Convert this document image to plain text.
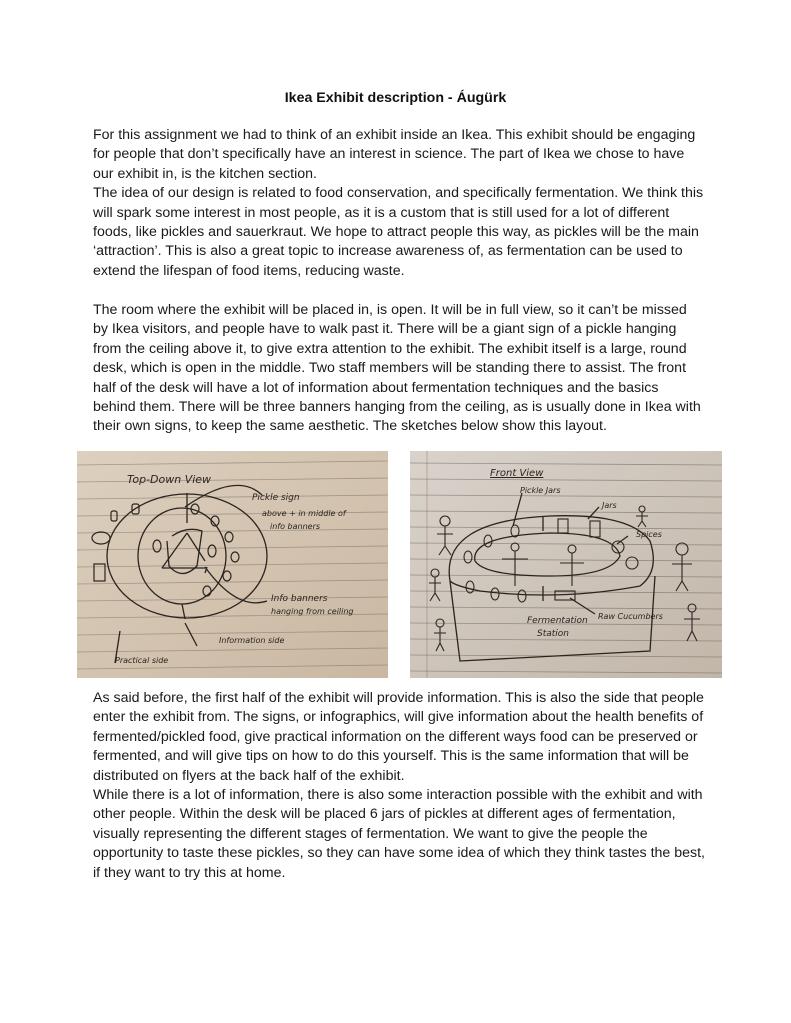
Ikea Exhibit description - Áugürk

For this assignment we had to think of an exhibit inside an Ikea. This exhibit should be engaging for people that don’t specifically have an interest in science. The part of Ikea we chose to have our exhibit in, is the kitchen section.

The idea of our design is related to food conservation, and specifically fermentation. We think this will spark some interest in most people, as it is a custom that is still used for a lot of different foods, like pickles and sauerkraut. We hope to attract people this way, as pickles will be the main ‘attraction’. This is also a great topic to increase awareness of, as fermentation can be used to extend the lifespan of food items, reducing waste.

The room where the exhibit will be placed in, is open. It will be in full view, so it can’t be missed by Ikea visitors, and people have to walk past it. There will be a giant sign of a pickle hanging from the ceiling above it, to give extra attention to the exhibit. The exhibit itself is a large, round desk, which is open in the middle. Two staff members will be standing there to assist. The front half of the desk will have a lot of information about fermentation techniques and the basics behind them. There will be three banners hanging from the ceiling, as is usually done in Ikea with their own signs, to keep the same aesthetic. The sketches below show this layout.

Top-Down View
Pickle sign
above + in middle of
info banners
Info banners
hanging from ceiling
Information side
Practical side
Front View
Pickle Jars
Jars
Spices
Raw Cucumbers
Fermentation
Station

As said before, the first half of the exhibit will provide information. This is also the side that people enter the exhibit from. The signs, or infographics, will give information about the health benefits of fermented/pickled food, give practical information on the different ways food can be preserved or fermented, and will give tips on how to do this yourself. This is the same information that will be distributed on flyers at the back half of the exhibit.

While there is a lot of information, there is also some interaction possible with the exhibit and with other people. Within the desk will be placed 6 jars of pickles at different ages of fermentation, visually representing the different stages of fermentation. We want to give the people the opportunity to taste these pickles, so they can have some idea of which they think tastes the best, if they want to try this at home.
